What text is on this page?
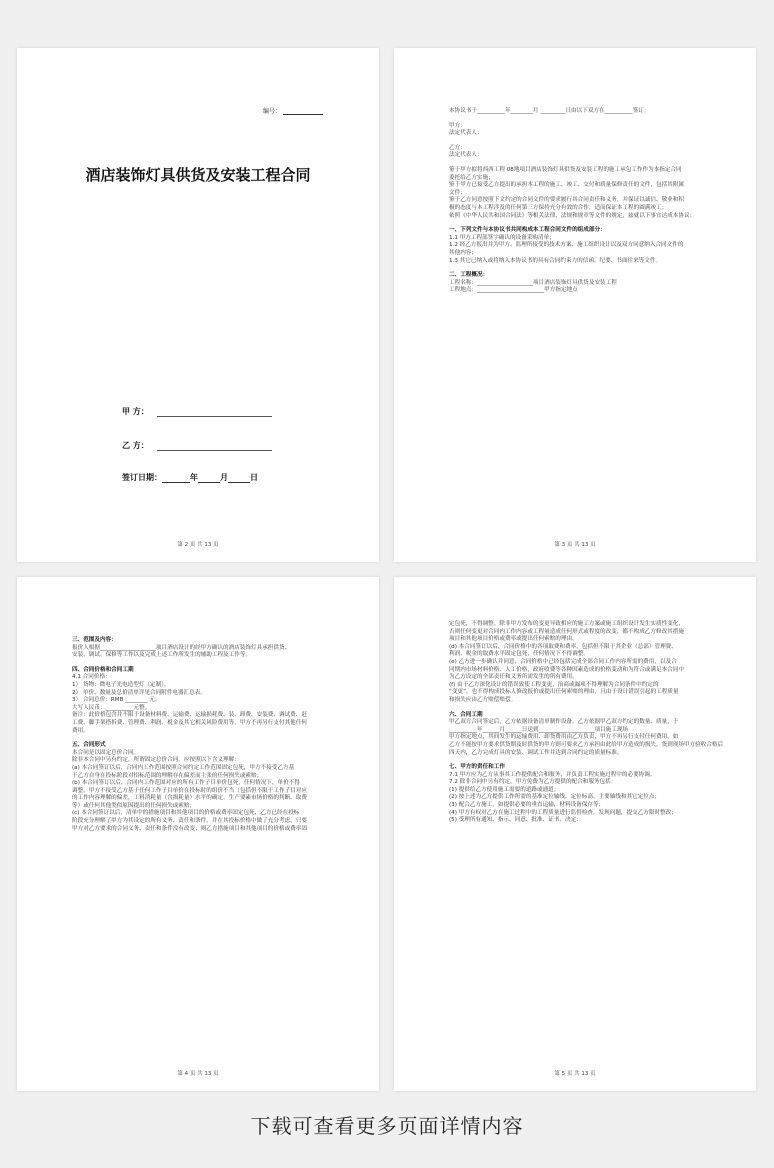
编号：
酒店装饰灯具供货及安装工程合同
甲 方：
乙 方：
签订日期：	年	月	日
第 2 页 共 13 页
本协议书于__________年________月 _________日由以下双方在__________签订：
甲方：
法定代表人：
乙方：
法定代表人：
鉴于甲方拟将西西工程 08地项目酒店装饰灯具供货及安装工程的施工承包工作作为本指定合同
委托给乙方实施；
鉴于甲方已接受乙方提出的承担本工程的施工、竣工、交付和质量保修责任的文件，包括其附属
文件；
鉴于乙方同意按照下文约定的合同文件的要求履行其合同责任和义务，并保证以诚信、敬业和积
极的态度与本工程涉及的任何第三方保持充分有效的合作，适而保证本工程的圆满竣工；
依照《中华人民共和国合同法》等相关法律、法规和规章等文件的规定，兹就以下事宜达成本协议：
一、下列文件与本协议书共同构成本工程合同文件的组成部分：
1.1 甲方工程部签字确认的设备采购清单；
1.2 经乙方报出并为甲方、监理所接受的技术方案、施工组织设计以及双方同意纳入合同文件的
其他内容；
1.3 其它已纳入或将纳入本协议书的具有合同约束力的信函、纪要、书面往来等文件。
二、工程概况：
工程名称：____________________项目酒店装饰灯具供货及安装工程
工程地点：________________________甲方指定地点
第 3 页 共 13 页
三、范围及内容：
报价人根据____________________项目酒店设计的经甲方确认的酒店装饰灯具承担供货、
安装、调试、保修等工作以及完成上述工作所发生的辅助工程及工作等。
四、合同价格和合同工期
4.1 合同价格：
1） 货物：微电子光电造型灯（定制）。
2） 单价、数量及总价清单详见合同附件电器汇总表。
3） 合同总价：RMB ________ 元，
大写人民币：__________元整。
备注：此价格包含并不限于设备材料费、运输费、运输损耗费、装、卸费、安装费、调试费、赶
工费、脚手架搭拆费、管理费、利润、税金及其它相关风险费用等，甲方不再另行支付其他任何
费用。
五、合同形式
本合同是以固定总价合同。
除非本合同中另有约定，所谓固定总价合同，应按照以下含义理解：
(a) 本合同签订以后，合同内工作范围按照合同约定工作范围固定包死，甲方不接受乙方基
于乙方自身在投标阶段对招标范围的理解存在偏差而主张的任何损失或索赔；
(b) 本合同签订以后，合同内工作范围对应的所有工作子目单价包死，任何情况下，单价不得
调整。甲方不接受乙方基于任何工作子目单价在投标时的组价不当（包括但不限于工作子目对应
的工作内容理解的偏差，工料消耗量（含损耗量）水平的确定、生产要素市场价格的判断、取费
等）或任何其他类似原因提出的任何损失或索赔；
(c) 本合同签订以后，清单中的措施项目和其他项目的价格或费率固定包死，乙方已经在投标
阶段充分理解了甲方为其设定的所有义务、责任和条件，并在其投标价格中做了充分考虑，只要
甲方对乙方要求的合同义务、责任和条件没有改变；则乙方措施项目和其他项目的价格或费率固
第 4 页 共 13 页
定包死，不得调整。除非甲方发布的变更导致相应的施工方案或施工组织设计发生实质性变化，
否则任何变更对合同内工作内容或工程量造成任何形式或程度的改变，都不构成乙方修改其措施
项目和其他项目价格或费率或提出任何索赔的理由。
(d) 本合同签订以后，合同价格中的各项取费和费率，包括但不限于其企业（总部）管理费、
利润、税金的取费水平固定包死，任何情况下不得调整。
(e) 乙方进一步确认并同意，合同价格中已经包括完成全部合同工作内容所需的费用，以及合
同期内市场材料价格、人工价格，政府收费等各种因素造成的价格变动和为符合或满足本合同中
为乙方设定的全部责任和义务所需发生的所有费用。
(f) 由于乙方深化设计的错误致使工程变更，治商或漏项不得理解为合同条件中约定的
“变更”，也不得构成投标人修改报价或提出任何索赔的理由，且由于设计错误引起的工程质量
和损失应由乙方赔偿赔偿。
六、合同工期
甲乙双方合同签定后，乙方依据设备清单制作设备，乙方依据甲乙双方约定的数量、质量，于
__________年______月______日送到____________________项目施工现场
甲方指定地点，其间发生的运输费用、卸货费用由乙方负责，甲方不再另行支付任何费用，如
乙方不能按甲方要求供货期及时供货的甲方则可要求乙方承担由此给甲方造成的损失，货到现场甲方验收合格后
四天内，乙方完成灯具的安装、调试工作并达到合同约定的质量标准。
七、甲方的责任和工作
7.1 甲方应为乙方从事其工作提供配合和服务，并负责工程实施过程中的必要协调。
7.2 除非合同中另有约定，甲方免费为乙方提供的配合和服务包括：
(1) 提供给乙方使用施工需要的道路或通道；
(2) 按上述为乙方提供工作所需的基准定位轴线、定位标高、主要轴线和其它定位点；
(3) 配合乙方施工，如提供必要的垂直运输，材料设备保存等；
(4) 甲方有权对乙方在施工过程中的工程质量进行监督检查，发现问题，提交乙方限时整改；
(5) 受理所有通知、指示、同意、批准、证书、决定；
第 5 页 共 13 页
下载可查看更多页面详情内容
